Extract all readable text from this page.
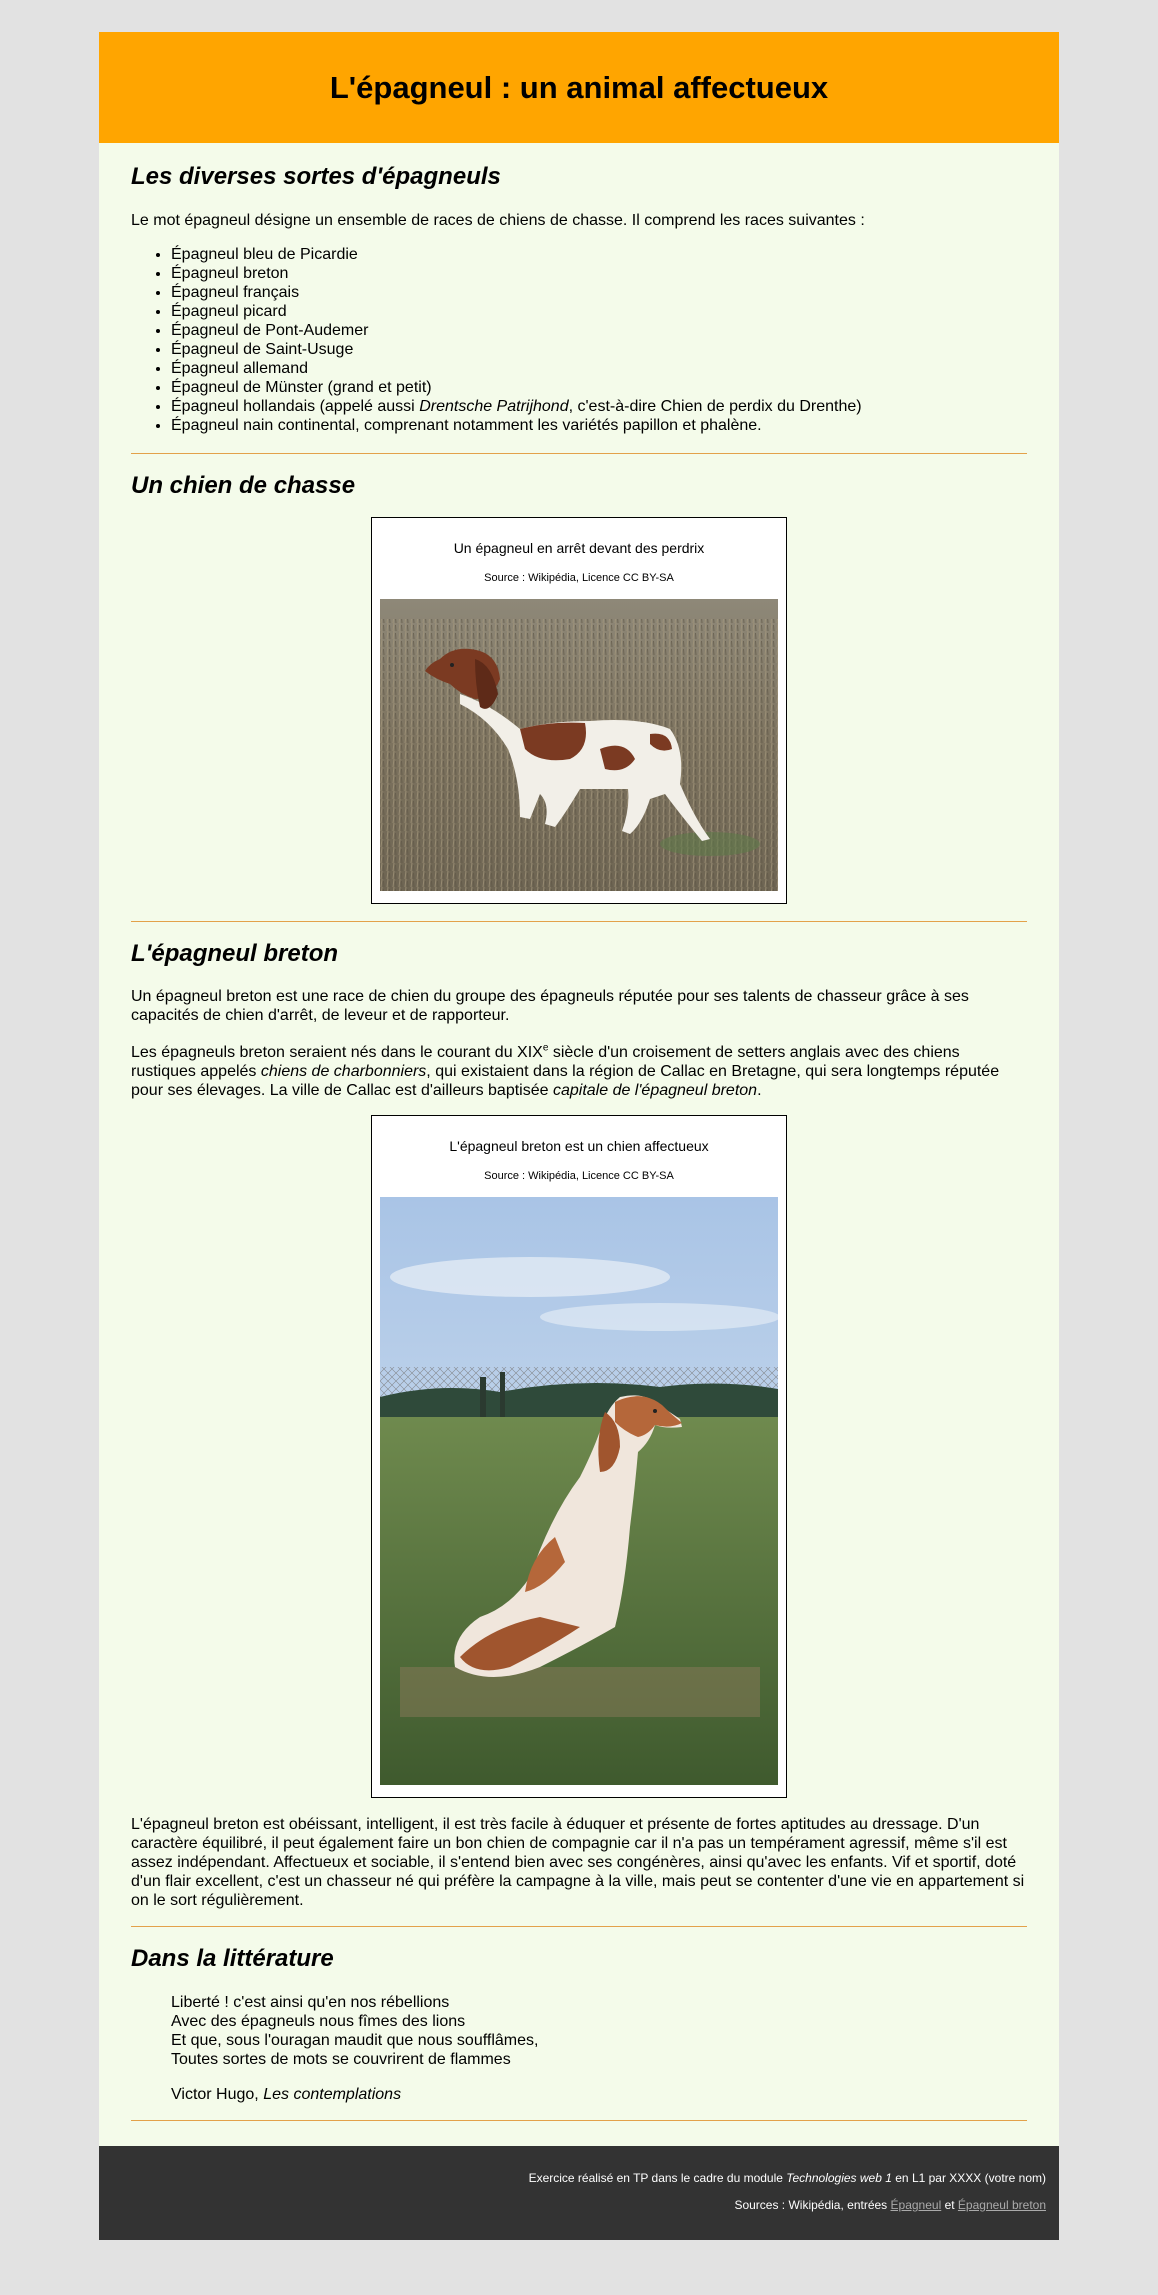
L'épagneul : un animal affectueux
Les diverses sortes d'épagneuls

Le mot épagneul désigne un ensemble de races de chiens de chasse. Il comprend les races suivantes :

• Épagneul bleu de Picardie
• Épagneul breton
• Épagneul français
• Épagneul picard
• Épagneul de Pont-Audemer
• Épagneul de Saint-Usuge
• Épagneul allemand
• Épagneul de Münster (grand et petit)
• Épagneul hollandais (appelé aussi Drentsche Patrijhond, c'est-à-dire Chien de perdix du Drenthe)
• Épagneul nain continental, comprenant notamment les variétés papillon et phalène.
Un chien de chasse
Un épagneul en arrêt devant des perdrix
Source : Wikipédia, Licence CC BY-SA
L'épagneul breton

Un épagneul breton est une race de chien du groupe des épagneuls réputée pour ses talents de chasseur grâce à ses capacités de chien d'arrêt, de leveur et de rapporteur.

Les épagneuls breton seraient nés dans le courant du XIXe siècle d'un croisement de setters anglais avec des chiens rustiques appelés chiens de charbonniers, qui existaient dans la région de Callac en Bretagne, qui sera longtemps réputée pour ses élevages. La ville de Callac est d'ailleurs baptisée capitale de l'épagneul breton.

L'épagneul breton est un chien affectueux
Source : Wikipédia, Licence CC BY-SA

L'épagneul breton est obéissant, intelligent, il est très facile à éduquer et présente de fortes aptitudes au dressage. D'un caractère équilibré, il peut également faire un bon chien de compagnie car il n'a pas un tempérament agressif, même s'il est assez indépendant. Affectueux et sociable, il s'entend bien avec ses congénères, ainsi qu'avec les enfants. Vif et sportif, doté d'un flair excellent, c'est un chasseur né qui préfère la campagne à la ville, mais peut se contenter d'une vie en appartement si on le sort régulièrement.

Dans la littérature
Liberté ! c'est ainsi qu'en nos rébellions
Avec des épagneuls nous fîmes des lions
Et que, sous l'ouragan maudit que nous soufflâmes,
Toutes sortes de mots se couvrirent de flammes
Victor Hugo, Les contemplations
Exercice réalisé en TP dans le cadre du module Technologies web 1 en L1 par XXXX (votre nom)
Sources : Wikipédia, entrées Épagneul et Épagneul breton
